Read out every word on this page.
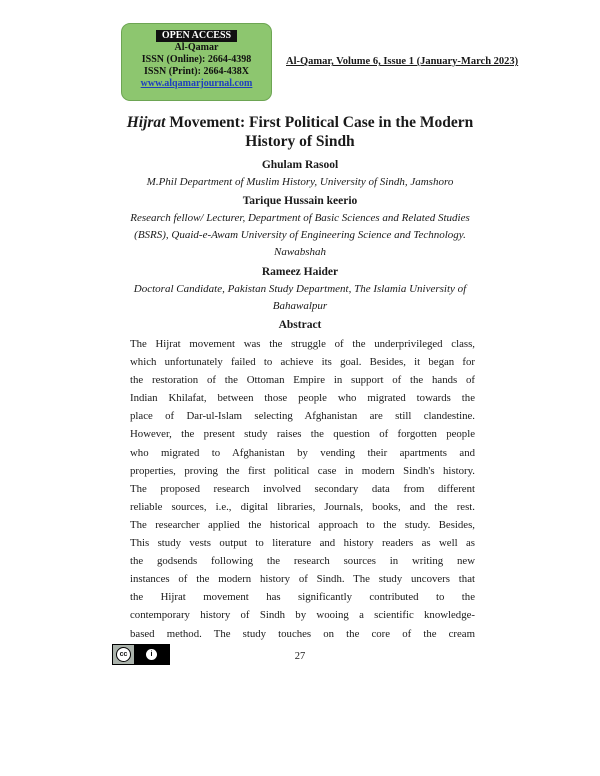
OPEN ACCESS
Al-Qamar
ISSN (Online): 2664-4398
ISSN (Print): 2664-438X
www.alqamarjournal.com
Al-Qamar, Volume 6, Issue 1 (January-March 2023)
Hijrat Movement: First Political Case in the Modern
History of Sindh
Ghulam Rasool
M.Phil Department of Muslim History, University of Sindh, Jamshoro
Tarique Hussain keerio
Research fellow/ Lecturer, Department of Basic Sciences and Related Studies
(BSRS), Quaid-e-Awam University of Engineering Science and Technology.
Nawabshah
Rameez Haider
Doctoral Candidate, Pakistan Study Department, The Islamia University of
Bahawalpur
Abstract
The Hijrat movement was the struggle of the underprivileged class,
which unfortunately failed to achieve its goal. Besides, it began for
the restoration of the Ottoman Empire in support of the hands of
Indian Khilafat, between those people who migrated towards the
place of Dar-ul-Islam selecting Afghanistan are still clandestine.
However, the present study raises the question of forgotten people
who migrated to Afghanistan by vending their apartments and
properties, proving the first political case in modern Sindh's history.
The proposed research involved secondary data from different
reliable sources, i.e., digital libraries, Journals, books, and the rest.
The researcher applied the historical approach to the study. Besides,
This study vests output to literature and history readers as well as
the godsends following the research sources in writing new
instances of the modern history of Sindh. The study uncovers that
the Hijrat movement has significantly contributed to the
contemporary history of Sindh by wooing a scientific knowledge-
based method. The study touches on the core of the cream
cc	i	27
